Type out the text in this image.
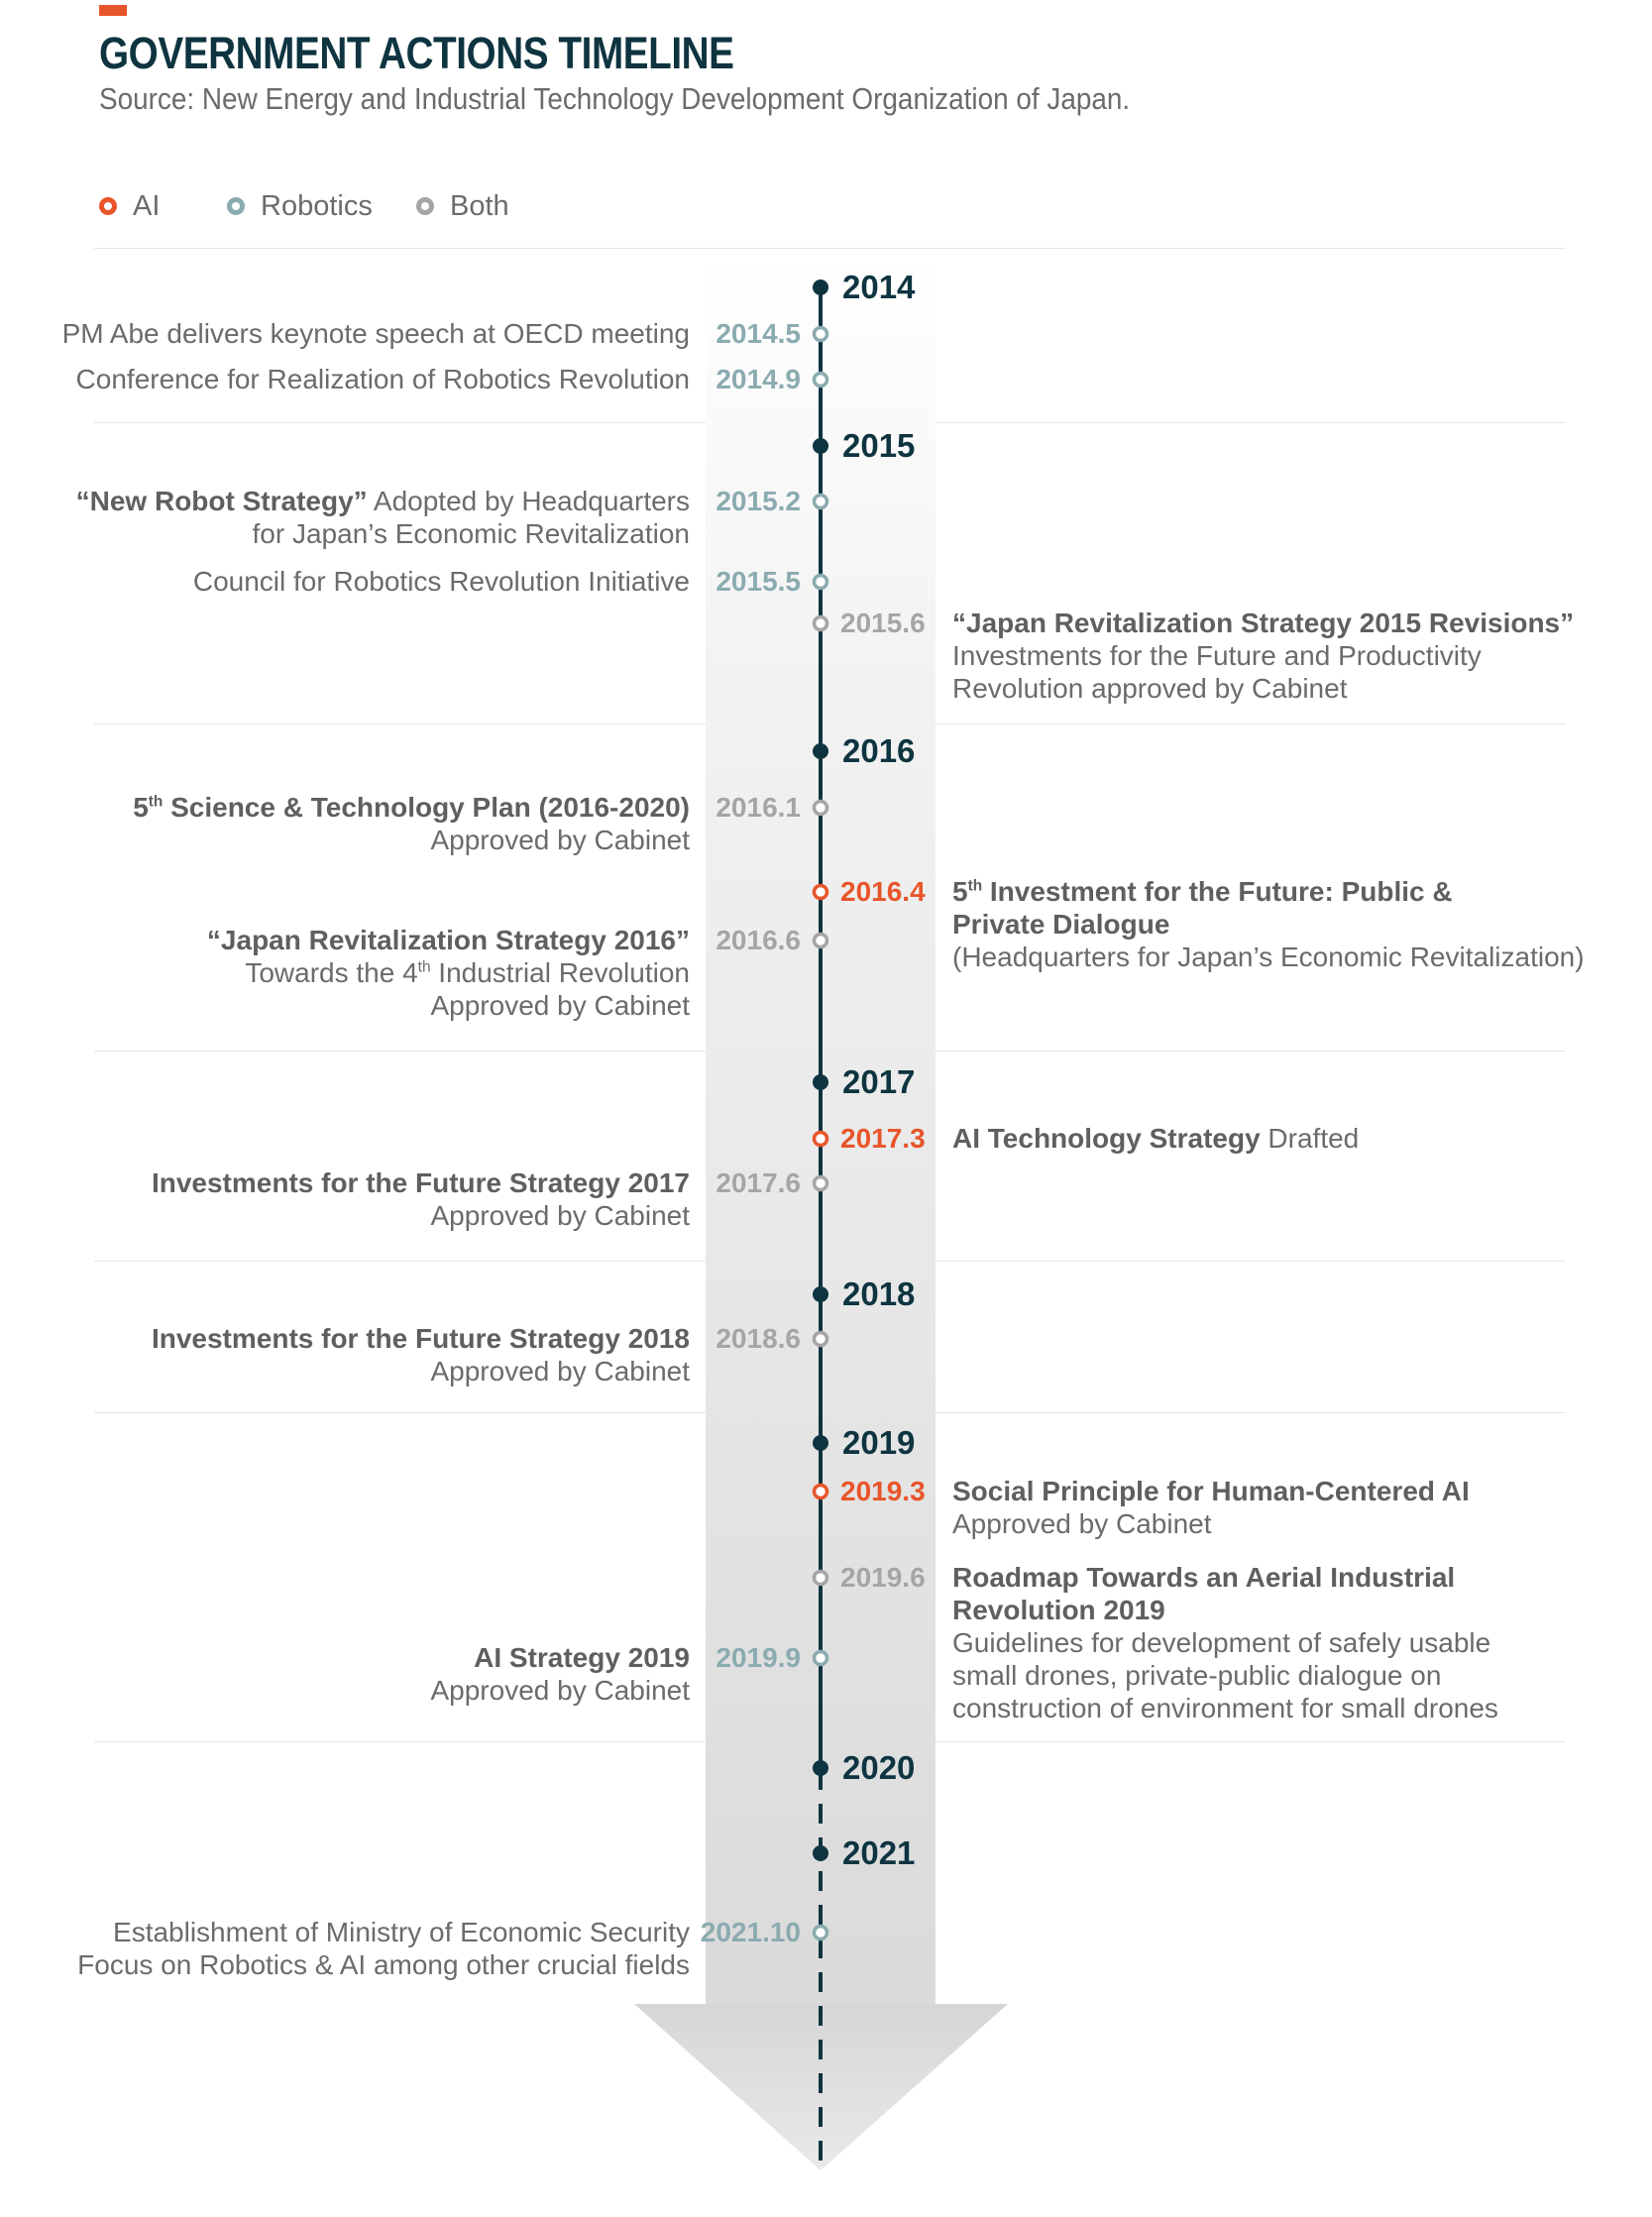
GOVERNMENT ACTIONS TIMELINE
Source: New Energy and Industrial Technology Development Organization of Japan.
AI	Robotics	Both
2014
2015
2016
2017
2018
2019
2020
2021
2014.5
PM Abe delivers keynote speech at OECD meeting
2014.9
Conference for Realization of Robotics Revolution
2015.2
“New Robot Strategy” Adopted by Headquarters
for Japan’s Economic Revitalization
2015.5
Council for Robotics Revolution Initiative
2015.6 “Japan Revitalization Strategy 2015 Revisions”
Investments for the Future and Productivity
Revolution approved by Cabinet
2016.1
5th Science & Technology Plan (2016-2020)
Approved by Cabinet
2016.4 5th Investment for the Future: Public &
Private Dialogue
(Headquarters for Japan’s Economic Revitalization)
2016.6
“Japan Revitalization Strategy 2016”
Towards the 4th Industrial Revolution
Approved by Cabinet
2017.3 AI Technology Strategy Drafted
2017.6
Investments for the Future Strategy 2017
Approved by Cabinet
2018.6
Investments for the Future Strategy 2018
Approved by Cabinet
2019.3 Social Principle for Human-Centered AI
Approved by Cabinet
2019.6 Roadmap Towards an Aerial Industrial
Revolution 2019
Guidelines for development of safely usable
small drones, private-public dialogue on
construction of environment for small drones
2019.9
AI Strategy 2019
Approved by Cabinet
2021.10
Establishment of Ministry of Economic Security
Focus on Robotics & AI among other crucial fields
